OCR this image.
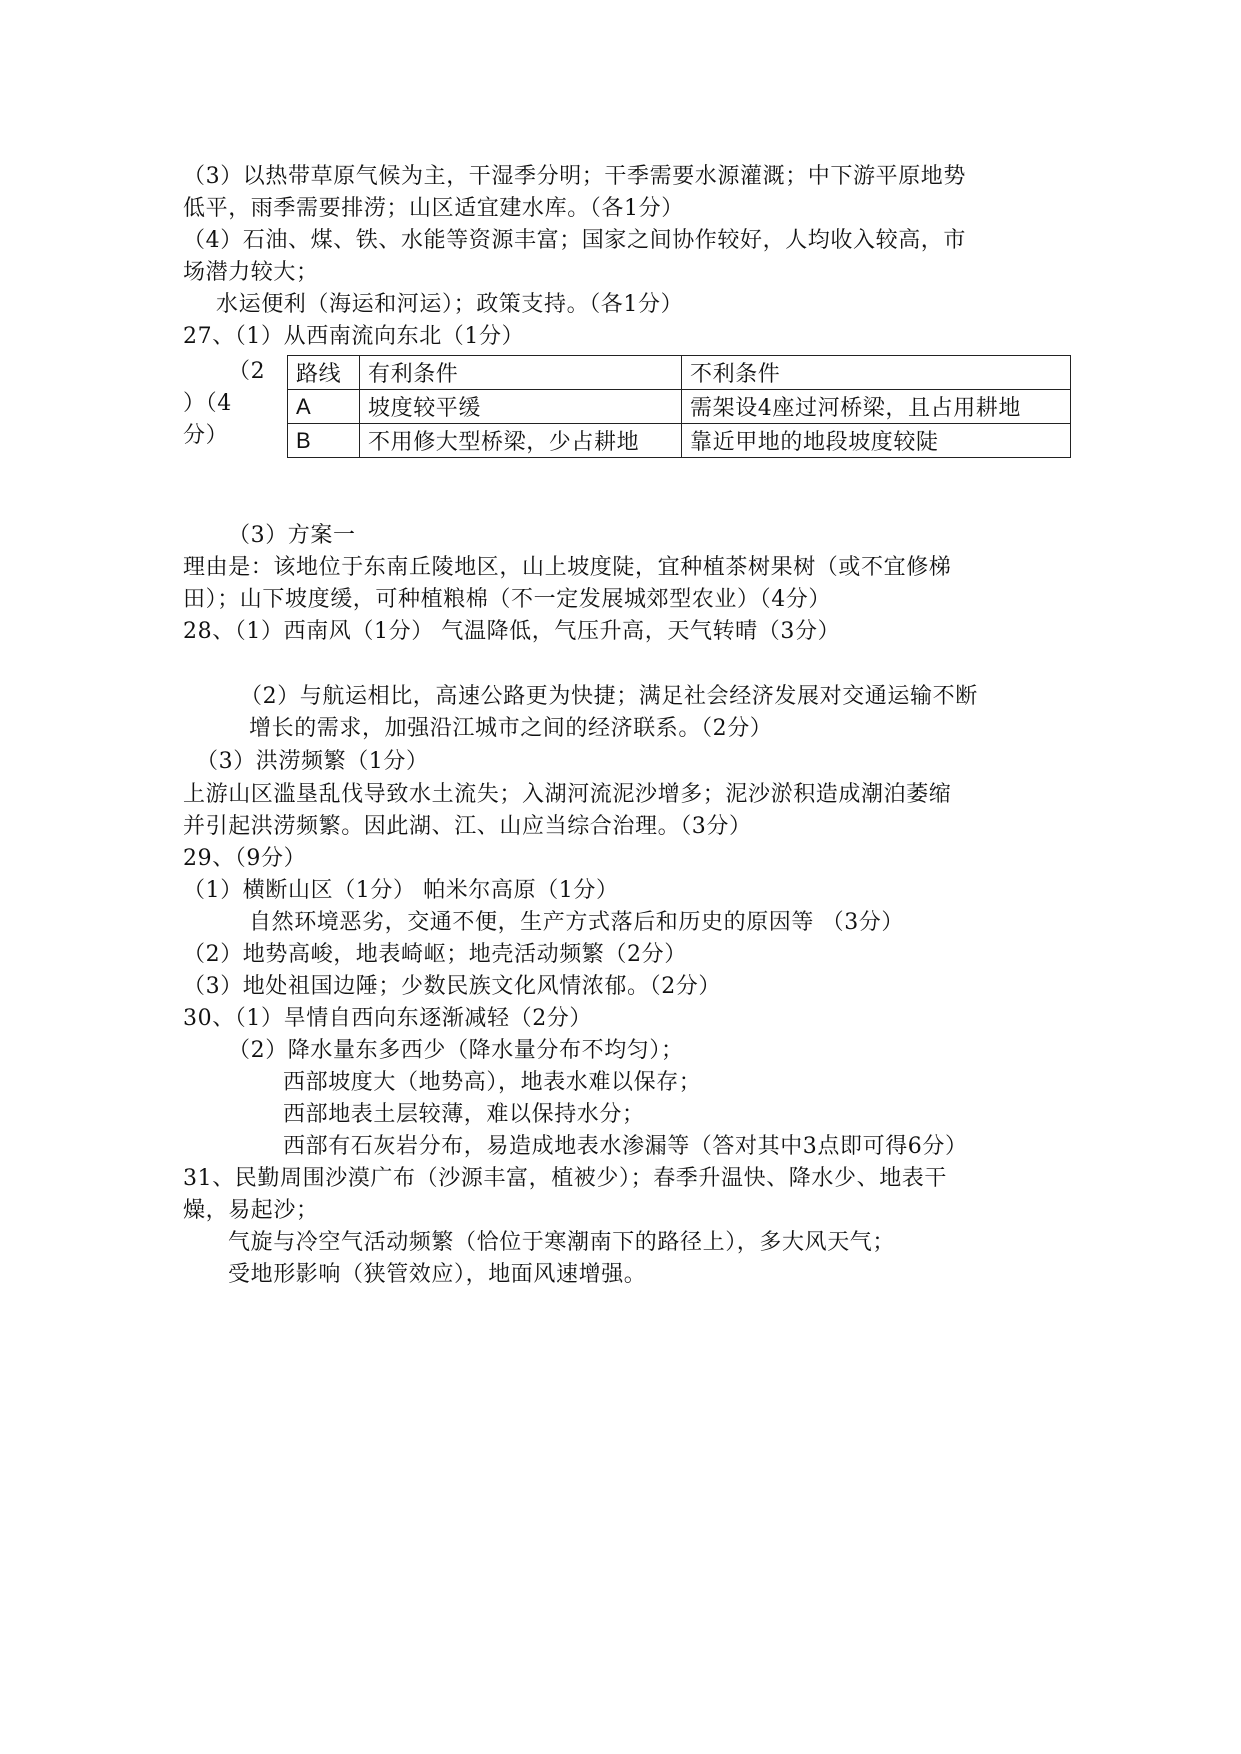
（3）以热带草原气候为主，干湿季分明；干季需要水源灌溉；中下游平原地势
低平，雨季需要排涝；山区适宜建水库。（各1分）
（4）石油、煤、铁、水能等资源丰富；国家之间协作较好，人均收入较高，市
场潜力较大；
水运便利（海运和河运）；政策支持。（各1分）
27、（1）从西南流向东北（1分）
（2
）（4
分）
路线	有利条件	不利条件
A	坡度较平缓	需架设4座过河桥梁，且占用耕地
B	不用修大型桥梁，少占耕地	靠近甲地的地段坡度较陡
（3）方案一
理由是：该地位于东南丘陵地区，山上坡度陡，宜种植茶树果树（或不宜修梯
田）；山下坡度缓，可种植粮棉（不一定发展城郊型农业）（4分）
28、（1）西南风（1分） 气温降低，气压升高，天气转晴（3分）
（2）与航运相比，高速公路更为快捷；满足社会经济发展对交通运输不断
增长的需求，加强沿江城市之间的经济联系。（2分）
（3）洪涝频繁（1分）
上游山区滥垦乱伐导致水土流失；入湖河流泥沙增多；泥沙淤积造成潮泊萎缩
并引起洪涝频繁。因此湖、江、山应当综合治理。（3分）
29、（9分）
（1）横断山区（1分） 帕米尔高原（1分）
自然环境恶劣，交通不便，生产方式落后和历史的原因等 （3分）
（2）地势高峻，地表崎岖；地壳活动频繁（2分）
（3）地处祖国边陲；少数民族文化风情浓郁。（2分）
30、（1）旱情自西向东逐渐减轻（2分）
（2）降水量东多西少（降水量分布不均匀）；
西部坡度大（地势高），地表水难以保存；
西部地表土层较薄，难以保持水分；
西部有石灰岩分布，易造成地表水渗漏等（答对其中3点即可得6分）
31、民勤周围沙漠广布（沙源丰富，植被少）；春季升温快、降水少、地表干
燥，易起沙；
气旋与冷空气活动频繁（恰位于寒潮南下的路径上），多大风天气；
受地形影响（狭管效应），地面风速增强。
